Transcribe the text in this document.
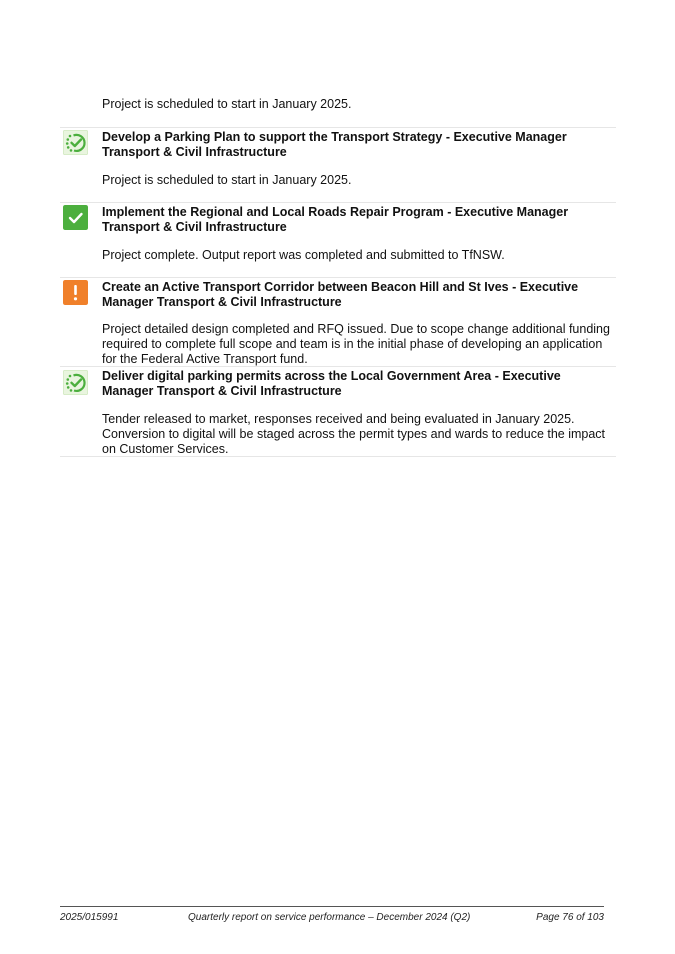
Project is scheduled to start in January 2025.
Develop a Parking Plan to support the Transport Strategy - Executive Manager Transport & Civil Infrastructure
Project is scheduled to start in January 2025.
Implement the Regional and Local Roads Repair Program - Executive Manager Transport & Civil Infrastructure
Project complete. Output report was completed and submitted to TfNSW.
Create an Active Transport Corridor between Beacon Hill and St Ives - Executive Manager Transport & Civil Infrastructure
Project detailed design completed and RFQ issued. Due to scope change additional funding required to complete full scope and team is in the initial phase of developing an application for the Federal Active Transport fund.
Deliver digital parking permits across the Local Government Area - Executive Manager Transport & Civil Infrastructure
Tender released to market, responses received and being evaluated in January 2025. Conversion to digital will be staged across the permit types and wards to reduce the impact on Customer Services.
2025/015991	Quarterly report on service performance – December 2024 (Q2)	Page 76 of 103
